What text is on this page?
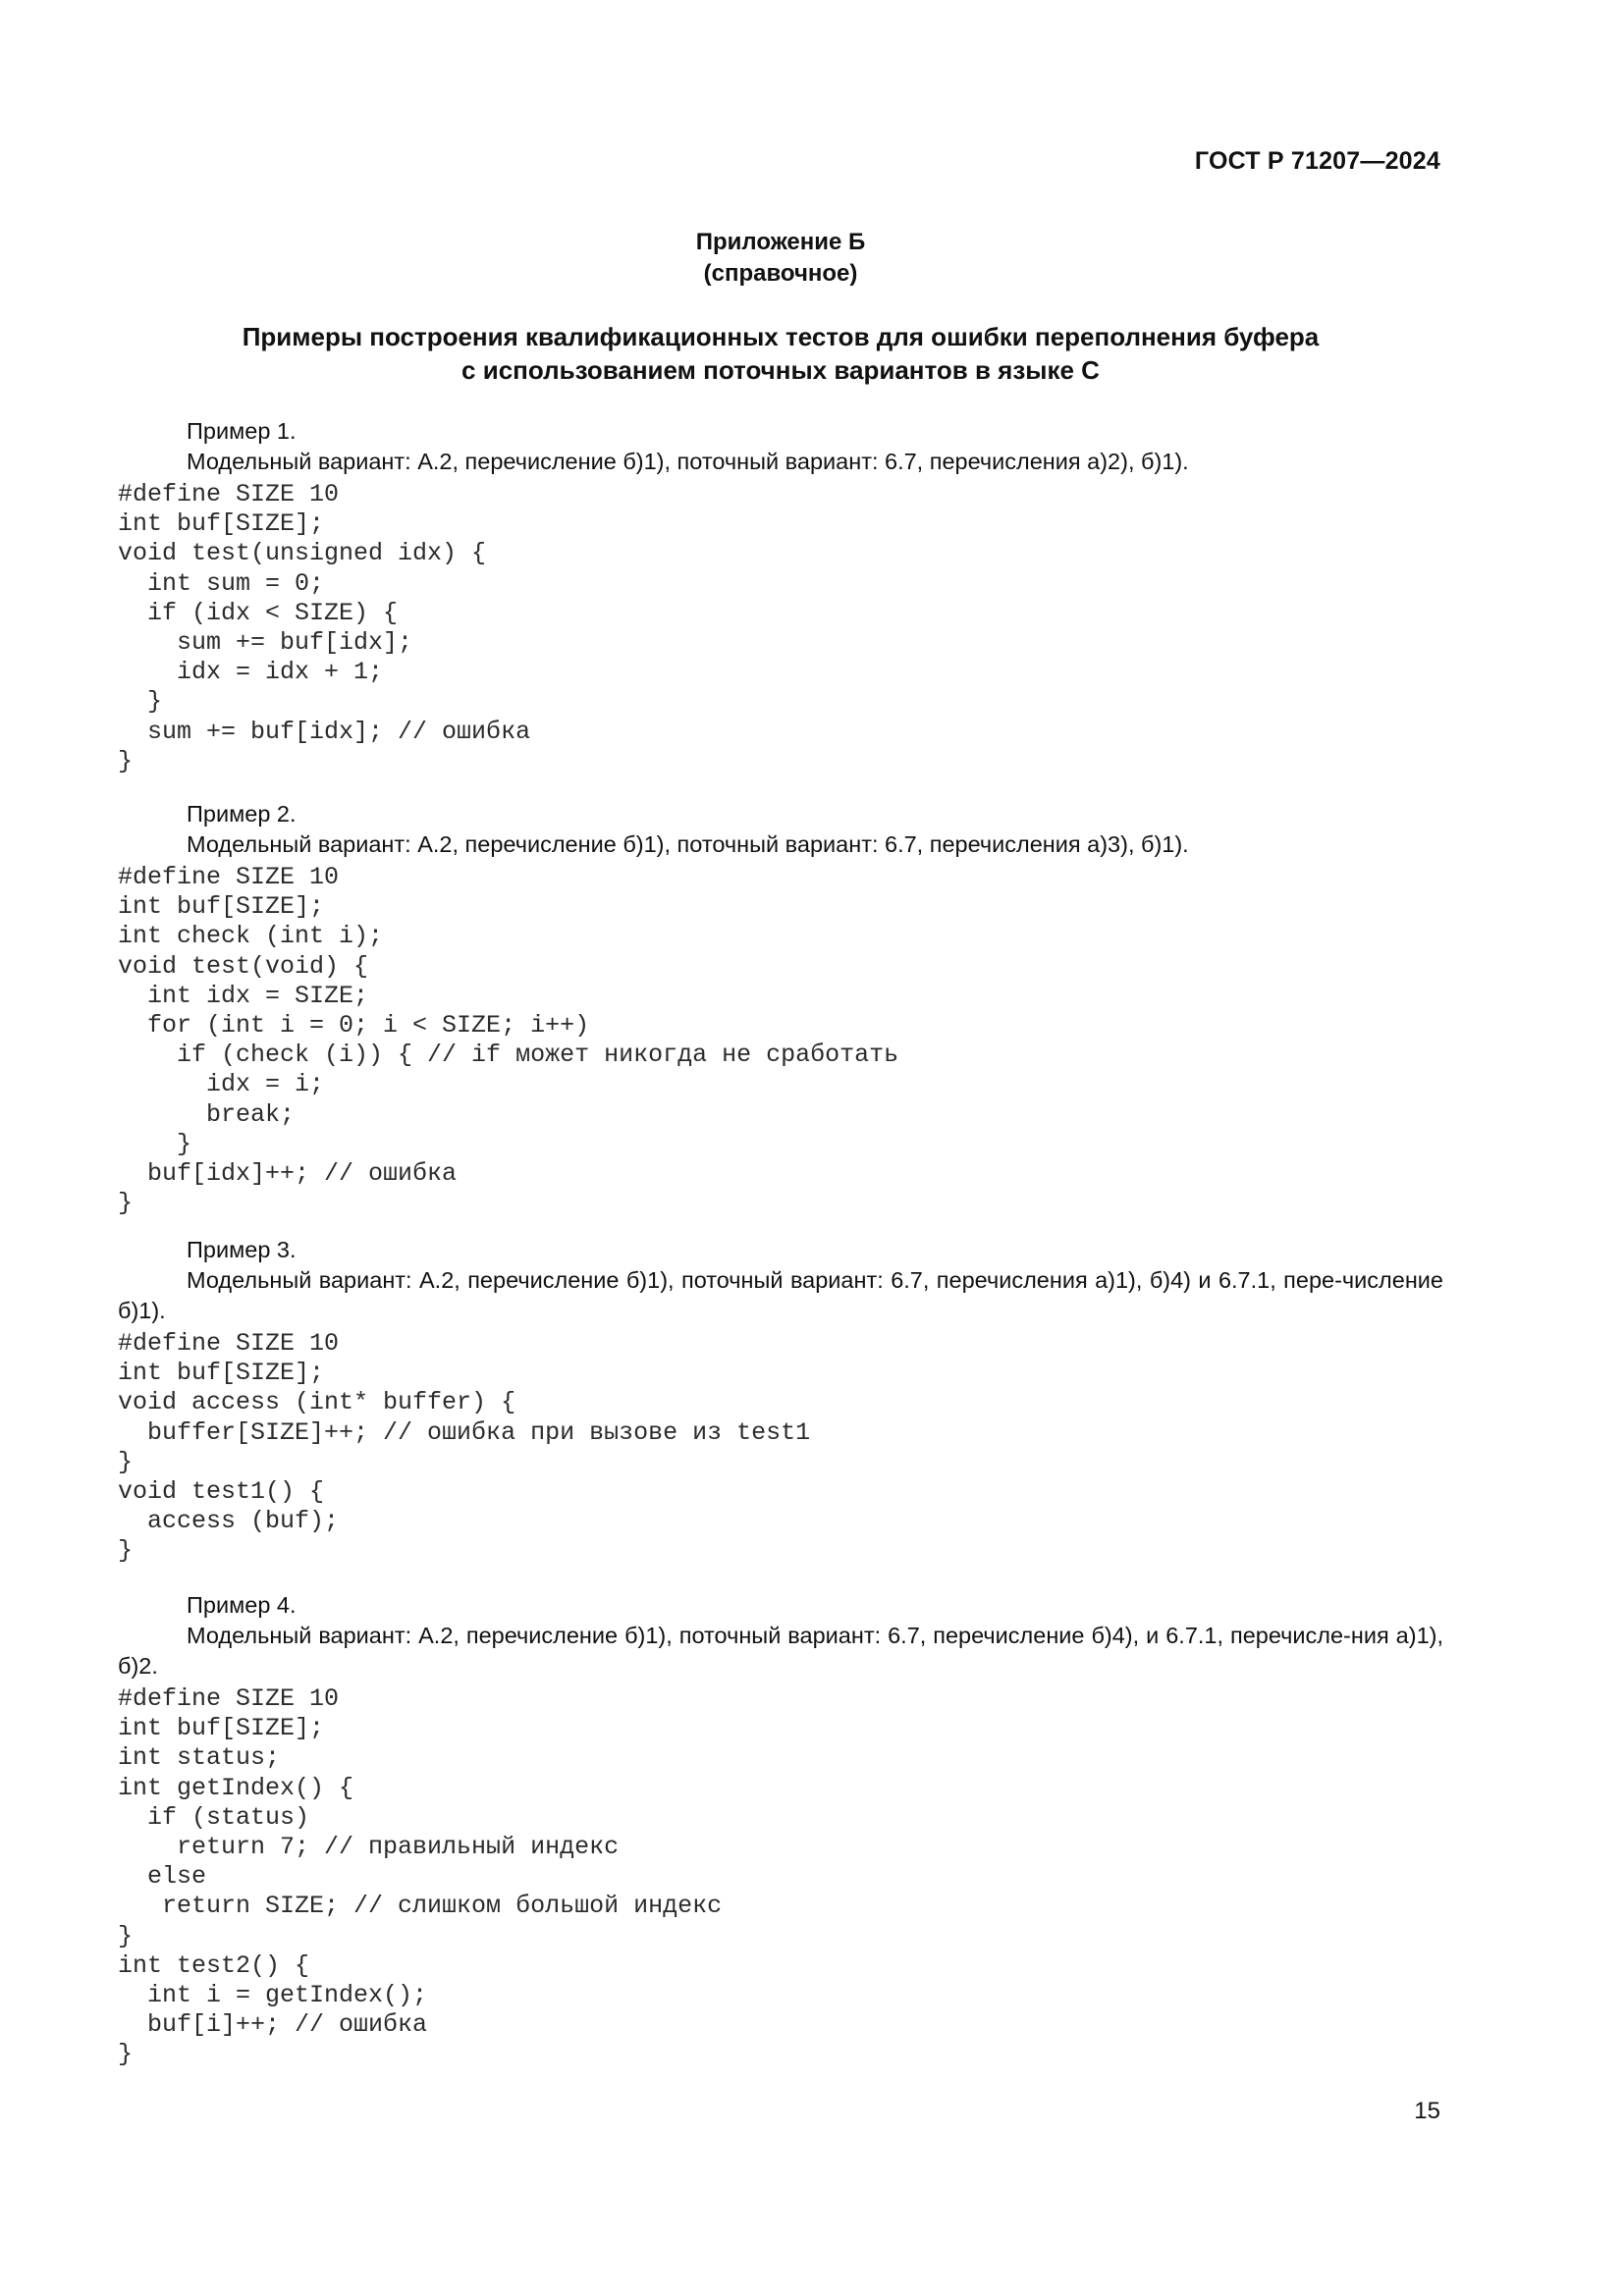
ГОСТ Р 71207—2024
Приложение Б
(справочное)
Примеры построения квалификационных тестов для ошибки переполнения буфера
с использованием поточных вариантов в языке С
Пример 1.
Модельный вариант: А.2, перечисление б)1), поточный вариант: 6.7, перечисления а)2), б)1).
#define SIZE 10
int buf[SIZE];
void test(unsigned idx) {
int sum = 0;
if (idx < SIZE) {
sum += buf[idx];
idx = idx + 1;
}
sum += buf[idx]; // ошибка
}
Пример 2.
Модельный вариант: А.2, перечисление б)1), поточный вариант: 6.7, перечисления а)3), б)1).
#define SIZE 10
int buf[SIZE];
int check (int i);
void test(void) {
int idx = SIZE;
for (int i = 0; i < SIZE; i++)
if (check (i)) { // if может никогда не сработать
idx = i;
break;
}
buf[idx]++; // ошибка
}
Пример 3.
Модельный вариант: А.2, перечисление б)1), поточный вариант: 6.7, перечисления а)1), б)4) и 6.7.1, пере-числение б)1).
#define SIZE 10
int buf[SIZE];
void access (int* buffer) {
buffer[SIZE]++; // ошибка при вызове из test1
}
void test1() {
access (buf);
}
Пример 4.
Модельный вариант: А.2, перечисление б)1), поточный вариант: 6.7, перечисление б)4), и 6.7.1, перечисле-ния а)1), б)2.
#define SIZE 10
int buf[SIZE];
int status;
int getIndex() {
if (status)
return 7; // правильный индекс
else
return SIZE; // слишком большой индекс
}
int test2() {
int i = getIndex();
buf[i]++; // ошибка
}
15
